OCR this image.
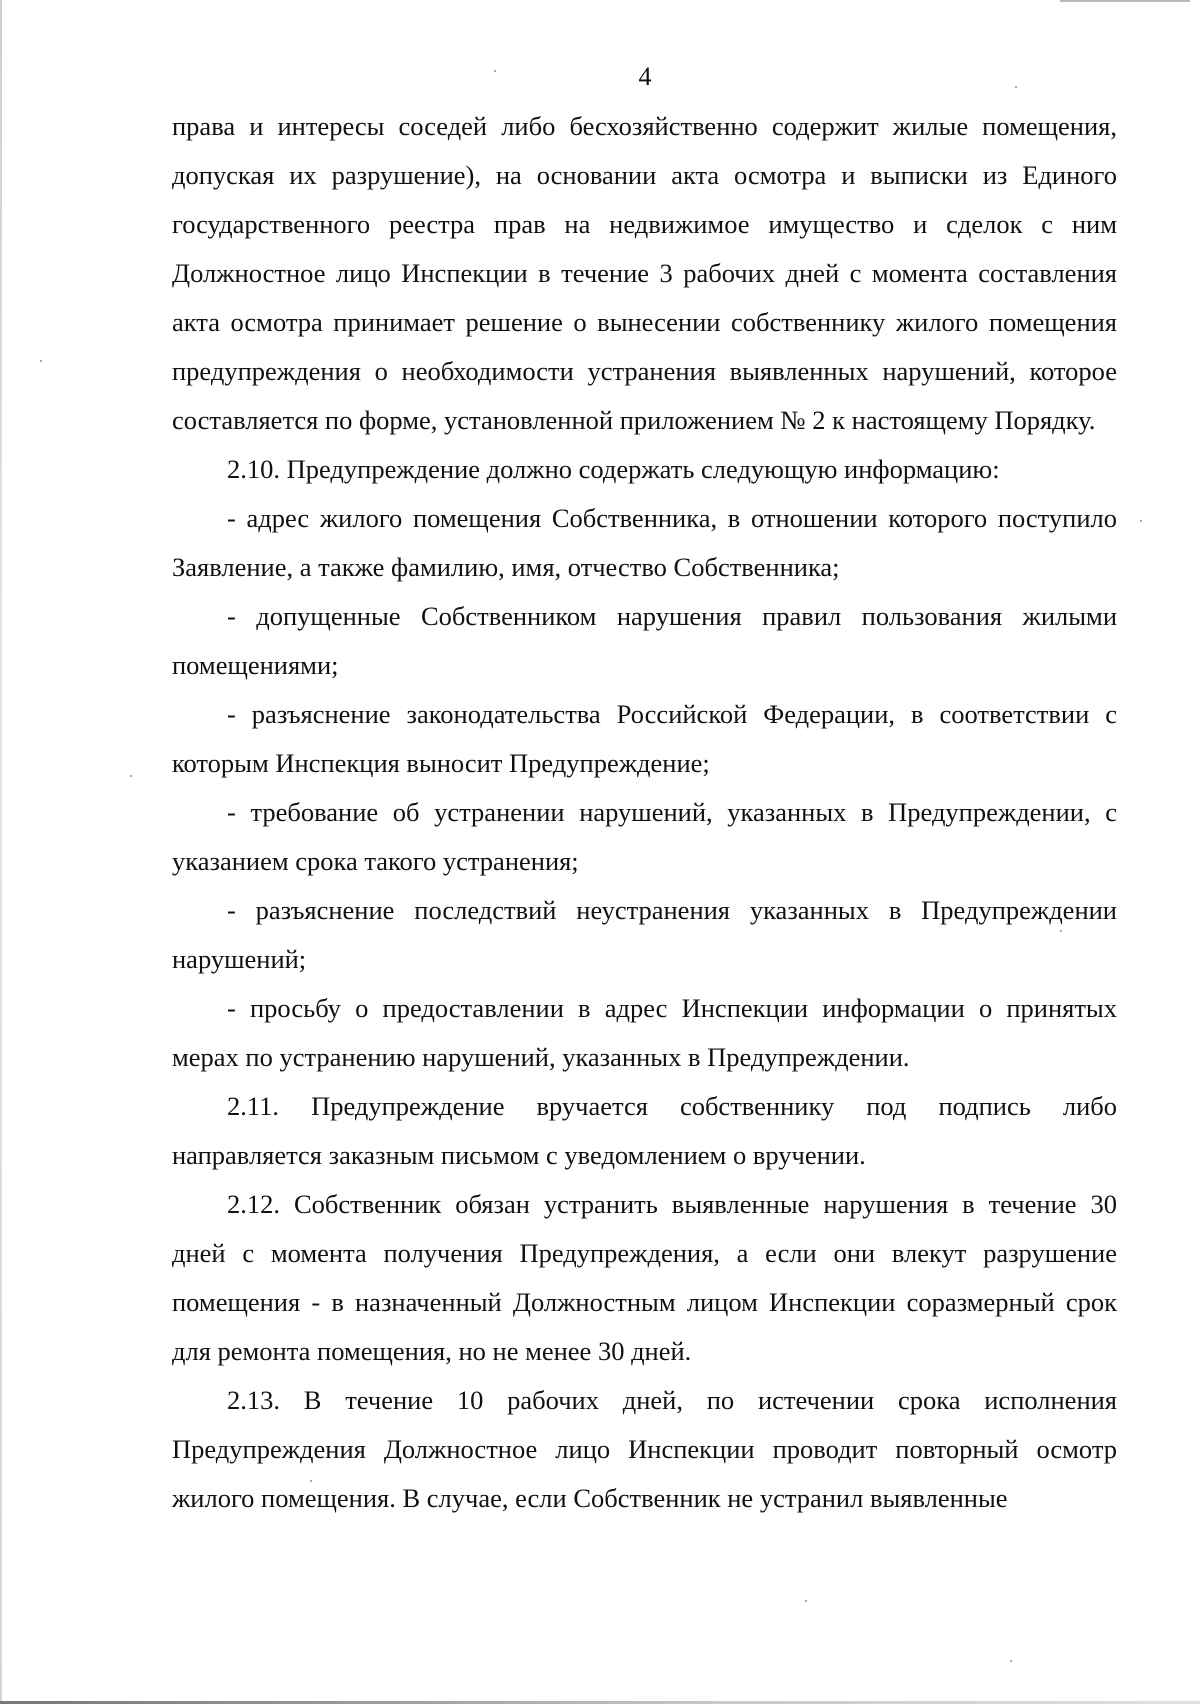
4

права и интересы соседей либо бесхозяйственно содержит жилые помещения, допуская их разрушение), на основании акта осмотра и выписки из Единого государственного реестра прав на недвижимое имущество и сделок с ним Должностное лицо Инспекции в течение 3 рабочих дней с момента составления акта осмотра принимает решение о вынесении собственнику жилого помещения предупреждения о необходимости устранения выявленных нарушений, которое составляется по форме, установленной приложением № 2 к настоящему Порядку.

2.10. Предупреждение должно содержать следующую информацию:

- адрес жилого помещения Собственника, в отношении которого поступило Заявление, а также фамилию, имя, отчество Собственника;

- допущенные Собственником нарушения правил пользования жилыми помещениями;

- разъяснение законодательства Российской Федерации, в соответствии с которым Инспекция выносит Предупреждение;

- требование об устранении нарушений, указанных в Предупреждении, с указанием срока такого устранения;

- разъяснение последствий неустранения указанных в Предупреждении нарушений;

- просьбу о предоставлении в адрес Инспекции информации о принятых мерах по устранению нарушений, указанных в Предупреждении.

2.11. Предупреждение вручается собственнику под подпись либо направляется заказным письмом с уведомлением о вручении.

2.12. Собственник обязан устранить выявленные нарушения в течение 30 дней с момента получения Предупреждения, а если они влекут разрушение помещения - в назначенный Должностным лицом Инспекции соразмерный срок для ремонта помещения, но не менее 30 дней.

2.13. В течение 10 рабочих дней, по истечении срока исполнения Предупреждения Должностное лицо Инспекции проводит повторный осмотр жилого помещения. В случае, если Собственник не устранил выявленные
